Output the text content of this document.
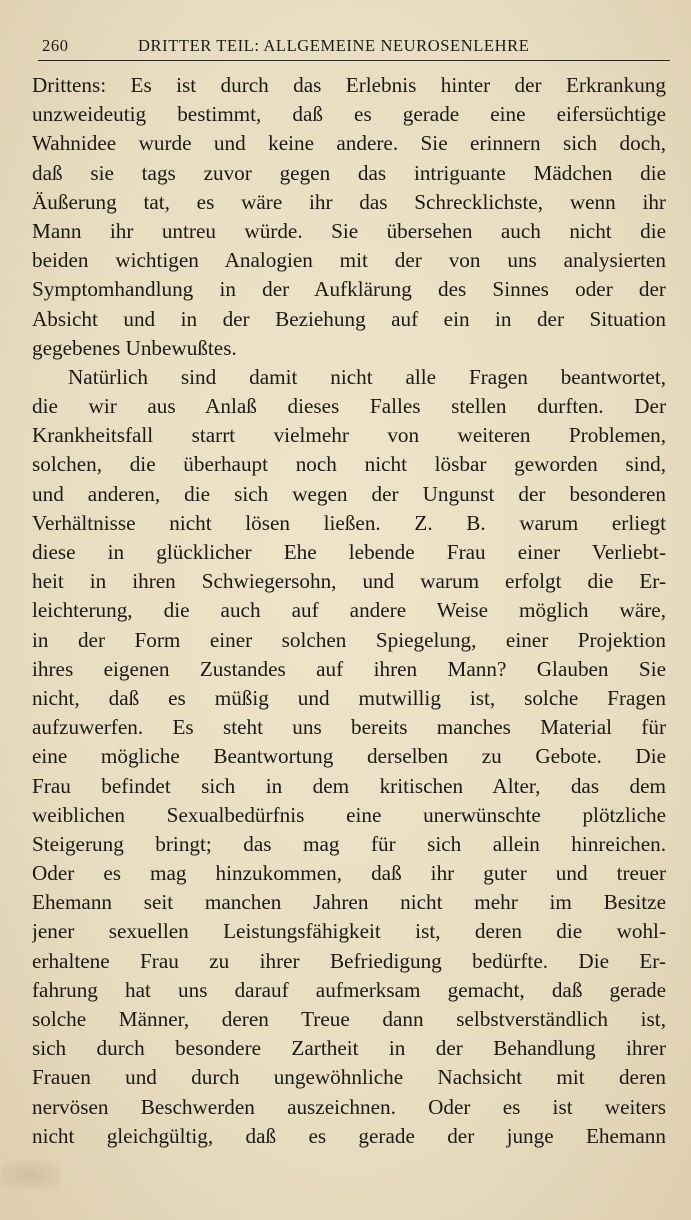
260	DRITTER TEIL: ALLGEMEINE NEUROSENLEHRE
Drittens: Es ist durch das Erlebnis hinter der Erkrankung
unzweideutig bestimmt, daß es gerade eine eifersüchtige
Wahnidee wurde und keine andere. Sie erinnern sich doch,
daß sie tags zuvor gegen das intriguante Mädchen die
Äußerung tat, es wäre ihr das Schrecklichste, wenn ihr
Mann ihr untreu würde. Sie übersehen auch nicht die
beiden wichtigen Analogien mit der von uns analysierten
Symptomhandlung in der Aufklärung des Sinnes oder der
Absicht und in der Beziehung auf ein in der Situation
gegebenes Unbewußtes.
Natürlich sind damit nicht alle Fragen beantwortet,
die wir aus Anlaß dieses Falles stellen durften. Der
Krankheitsfall starrt vielmehr von weiteren Problemen,
solchen, die überhaupt noch nicht lösbar geworden sind,
und anderen, die sich wegen der Ungunst der besonderen
Verhältnisse nicht lösen ließen. Z. B. warum erliegt
diese in glücklicher Ehe lebende Frau einer Verliebt-
heit in ihren Schwiegersohn, und warum erfolgt die Er-
leichterung, die auch auf andere Weise möglich wäre,
in der Form einer solchen Spiegelung, einer Projektion
ihres eigenen Zustandes auf ihren Mann? Glauben Sie
nicht, daß es müßig und mutwillig ist, solche Fragen
aufzuwerfen. Es steht uns bereits manches Material für
eine mögliche Beantwortung derselben zu Gebote. Die
Frau befindet sich in dem kritischen Alter, das dem
weiblichen Sexualbedürfnis eine unerwünschte plötzliche
Steigerung bringt; das mag für sich allein hinreichen.
Oder es mag hinzukommen, daß ihr guter und treuer
Ehemann seit manchen Jahren nicht mehr im Besitze
jener sexuellen Leistungsfähigkeit ist, deren die wohl-
erhaltene Frau zu ihrer Befriedigung bedürfte. Die Er-
fahrung hat uns darauf aufmerksam gemacht, daß gerade
solche Männer, deren Treue dann selbstverständlich ist,
sich durch besondere Zartheit in der Behandlung ihrer
Frauen und durch ungewöhnliche Nachsicht mit deren
nervösen Beschwerden auszeichnen. Oder es ist weiters
nicht gleichgültig, daß es gerade der junge Ehemann
